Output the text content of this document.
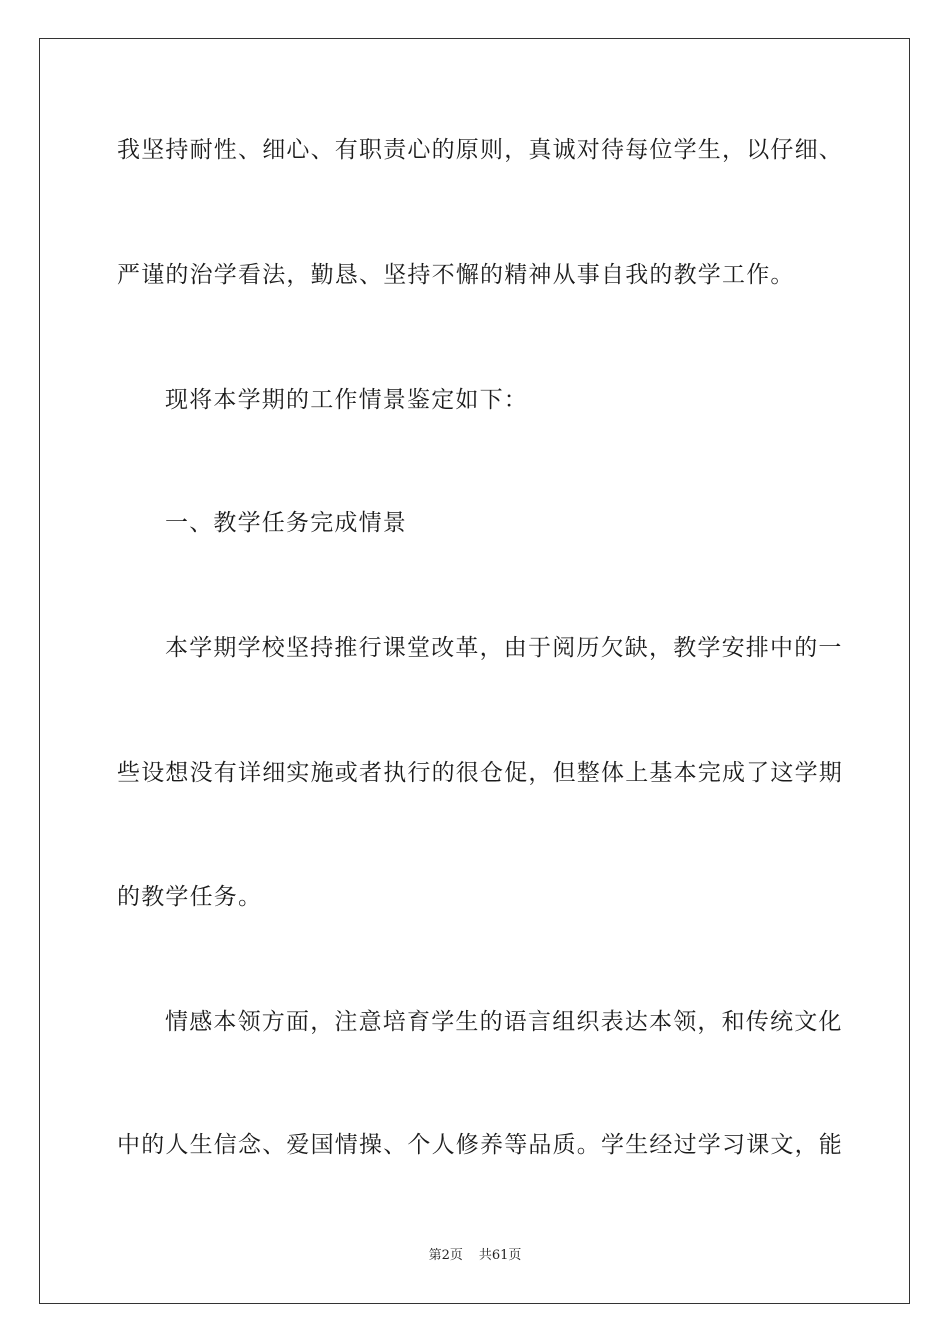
我坚持耐性、细心、有职责心的原则，真诚对待每位学生，以仔细、
严谨的治学看法，勤恳、坚持不懈的精神从事自我的教学工作。
现将本学期的工作情景鉴定如下：
一、教学任务完成情景
本学期学校坚持推行课堂改革，由于阅历欠缺，教学安排中的一
些设想没有详细实施或者执行的很仓促，但整体上基本完成了这学期
的教学任务。
情感本领方面，注意培育学生的语言组织表达本领，和传统文化
中的人生信念、爱国情操、个人修养等品质。学生经过学习课文，能
第2页 共61页
